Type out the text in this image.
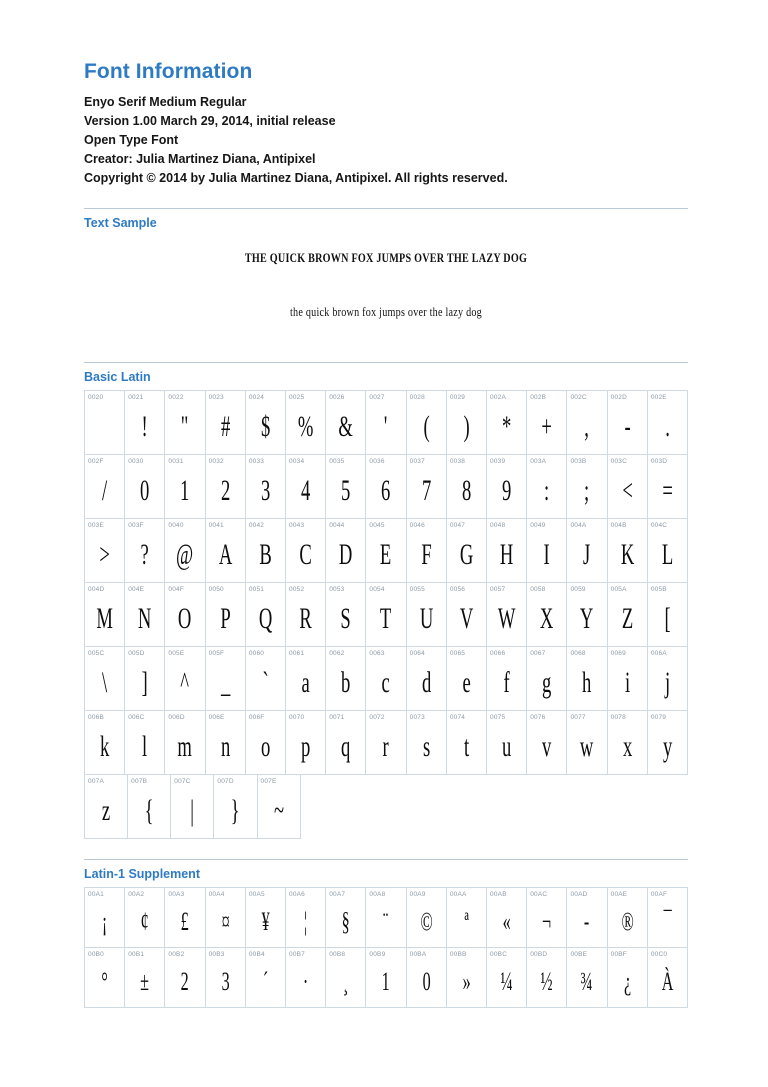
Font Information

Enyo Serif Medium Regular

Version 1.00 March 29, 2014, initial release

Open Type Font

Creator: Julia Martinez Diana, Antipixel

Copyright © 2014 by Julia Martinez Diana, Antipixel. All rights reserved.

Text Sample
THE QUICK BROWN FOX JUMPS OVER THE LAZY DOG
the quick brown fox jumps over the lazy dog
Basic Latin
0020	0021
!
0022
"
0023
#
0024
$
0025
%
0026
&
0027
'
0028
(
0029
)
002A
*
002B
+
002C
,
002D
-
002E
.
002F
/
0030
0
0031
1
0032
2
0033
3
0034
4
0035
5
0036
6
0037
7
0038
8
0039
9
003A
:
003B
;
003C
<
003D
=
003E
>
003F
?
0040
@
0041
A
0042
B
0043
C
0044
D
0045
E
0046
F
0047
G
0048
H
0049
I
004A
J
004B
K
004C
L
004D
M
004E
N
004F
O
0050
P
0051
Q
0052
R
0053
S
0054
T
0055
U
0056
V
0057
W
0058
X
0059
Y
005A
Z
005B
[
005C
\
005D
]
005E
^
005F
_
0060
`
0061
a
0062
b
0063
c
0064
d
0065
e
0066
f
0067
g
0068
h
0069
i
006A
j
006B
k
006C
l
006D
m
006E
n
006F
o
0070
p
0071
q
0072
r
0073
s
0074
t
0075
u
0076
v
0077
w
0078
x
0079
y
007A
z
007B
{
007C
|
007D
}
007E
~
Latin-1 Supplement
00A1
¡
00A2
¢
00A3
£
00A4
¤
00A5
¥
00A6
¦
00A7
§
00A8
¨
00A9
©
00AA
ª
00AB
«
00AC
¬
00AD
-
00AE
®
00AF
¯
00B0
°
00B1
±
00B2
2
00B3
3
00B4
´
00B7
·
00B8
¸
00B9
1
00BA
0
00BB
»
00BC
¼
00BD
½
00BE
¾
00BF
¿
00C0
À
